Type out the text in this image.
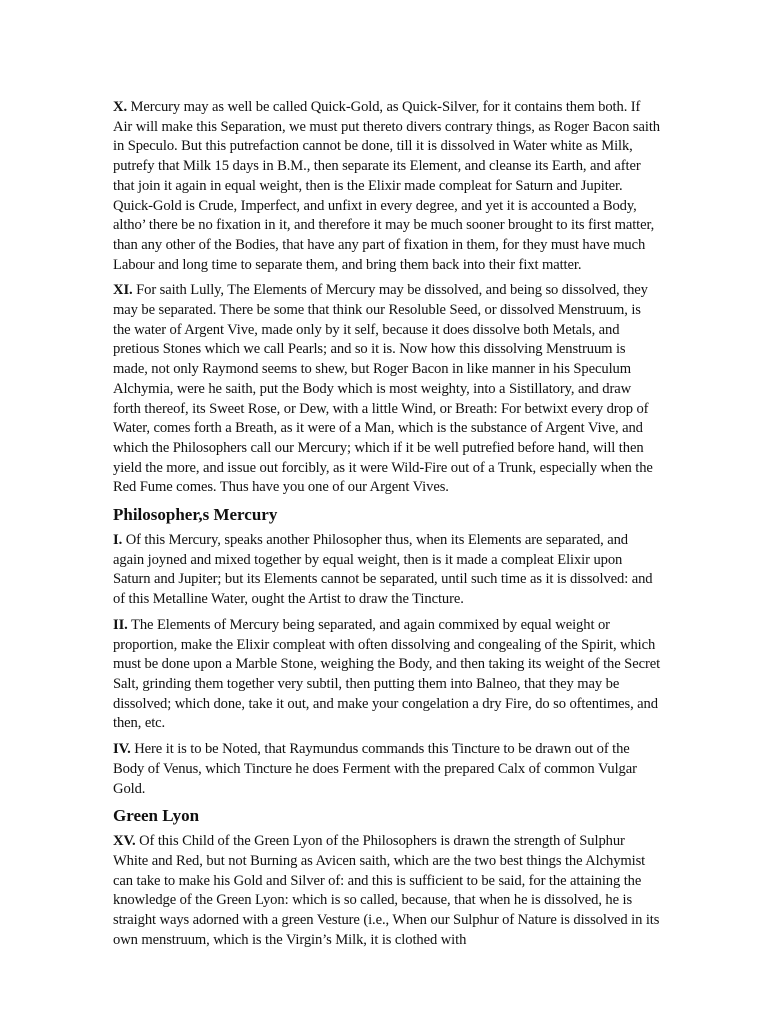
X. Mercury may as well be called Quick-Gold, as Quick-Silver, for it contains them both. If Air will make this Separation, we must put thereto divers contrary things, as Roger Bacon saith in Speculo. But this putrefaction cannot be done, till it is dissolved in Water white as Milk, putrefy that Milk 15 days in B.M., then separate its Element, and cleanse its Earth, and after that join it again in equal weight, then is the Elixir made compleat for Saturn and Jupiter. Quick-Gold is Crude, Imperfect, and unfixt in every degree, and yet it is accounted a Body, altho’ there be no fixation in it, and therefore it may be much sooner brought to its first matter, than any other of the Bodies, that have any part of fixation in them, for they must have much Labour and long time to separate them, and bring them back into their fixt matter.

XI. For saith Lully, The Elements of Mercury may be dissolved, and being so dissolved, they may be separated. There be some that think our Resoluble Seed, or dissolved Menstruum, is the water of Argent Vive, made only by it self, because it does dissolve both Metals, and pretious Stones which we call Pearls; and so it is. Now how this dissolving Menstruum is made, not only Raymond seems to shew, but Roger Bacon in like manner in his Speculum Alchymia, were he saith, put the Body which is most weighty, into a Sistillatory, and draw forth thereof, its Sweet Rose, or Dew, with a little Wind, or Breath: For betwixt every drop of Water, comes forth a Breath, as it were of a Man, which is the substance of Argent Vive, and which the Philosophers call our Mercury; which if it be well putrefied before hand, will then yield the more, and issue out forcibly, as it were Wild-Fire out of a Trunk, especially when the Red Fume comes. Thus have you one of our Argent Vives.

Philosopher,s Mercury

I. Of this Mercury, speaks another Philosopher thus, when its Elements are separated, and again joyned and mixed together by equal weight, then is it made a compleat Elixir upon Saturn and Jupiter; but its Elements cannot be separated, until such time as it is dissolved: and of this Metalline Water, ought the Artist to draw the Tincture.

II. The Elements of Mercury being separated, and again commixed by equal weight or proportion, make the Elixir compleat with often dissolving and congealing of the Spirit, which must be done upon a Marble Stone, weighing the Body, and then taking its weight of the Secret Salt, grinding them together very subtil, then putting them into Balneo, that they may be dissolved; which done, take it out, and make your congelation a dry Fire, do so oftentimes, and then, etc.

IV. Here it is to be Noted, that Raymundus commands this Tincture to be drawn out of the Body of Venus, which Tincture he does Ferment with the prepared Calx of common Vulgar Gold.

Green Lyon

XV. Of this Child of the Green Lyon of the Philosophers is drawn the strength of Sulphur White and Red, but not Burning as Avicen saith, which are the two best things the Alchymist can take to make his Gold and Silver of: and this is sufficient to be said, for the attaining the knowledge of the Green Lyon: which is so called, because, that when he is dissolved, he is straight ways adorned with a green Vesture (i.e., When our Sulphur of Nature is dissolved in its own menstruum, which is the Virgin’s Milk, it is clothed with
